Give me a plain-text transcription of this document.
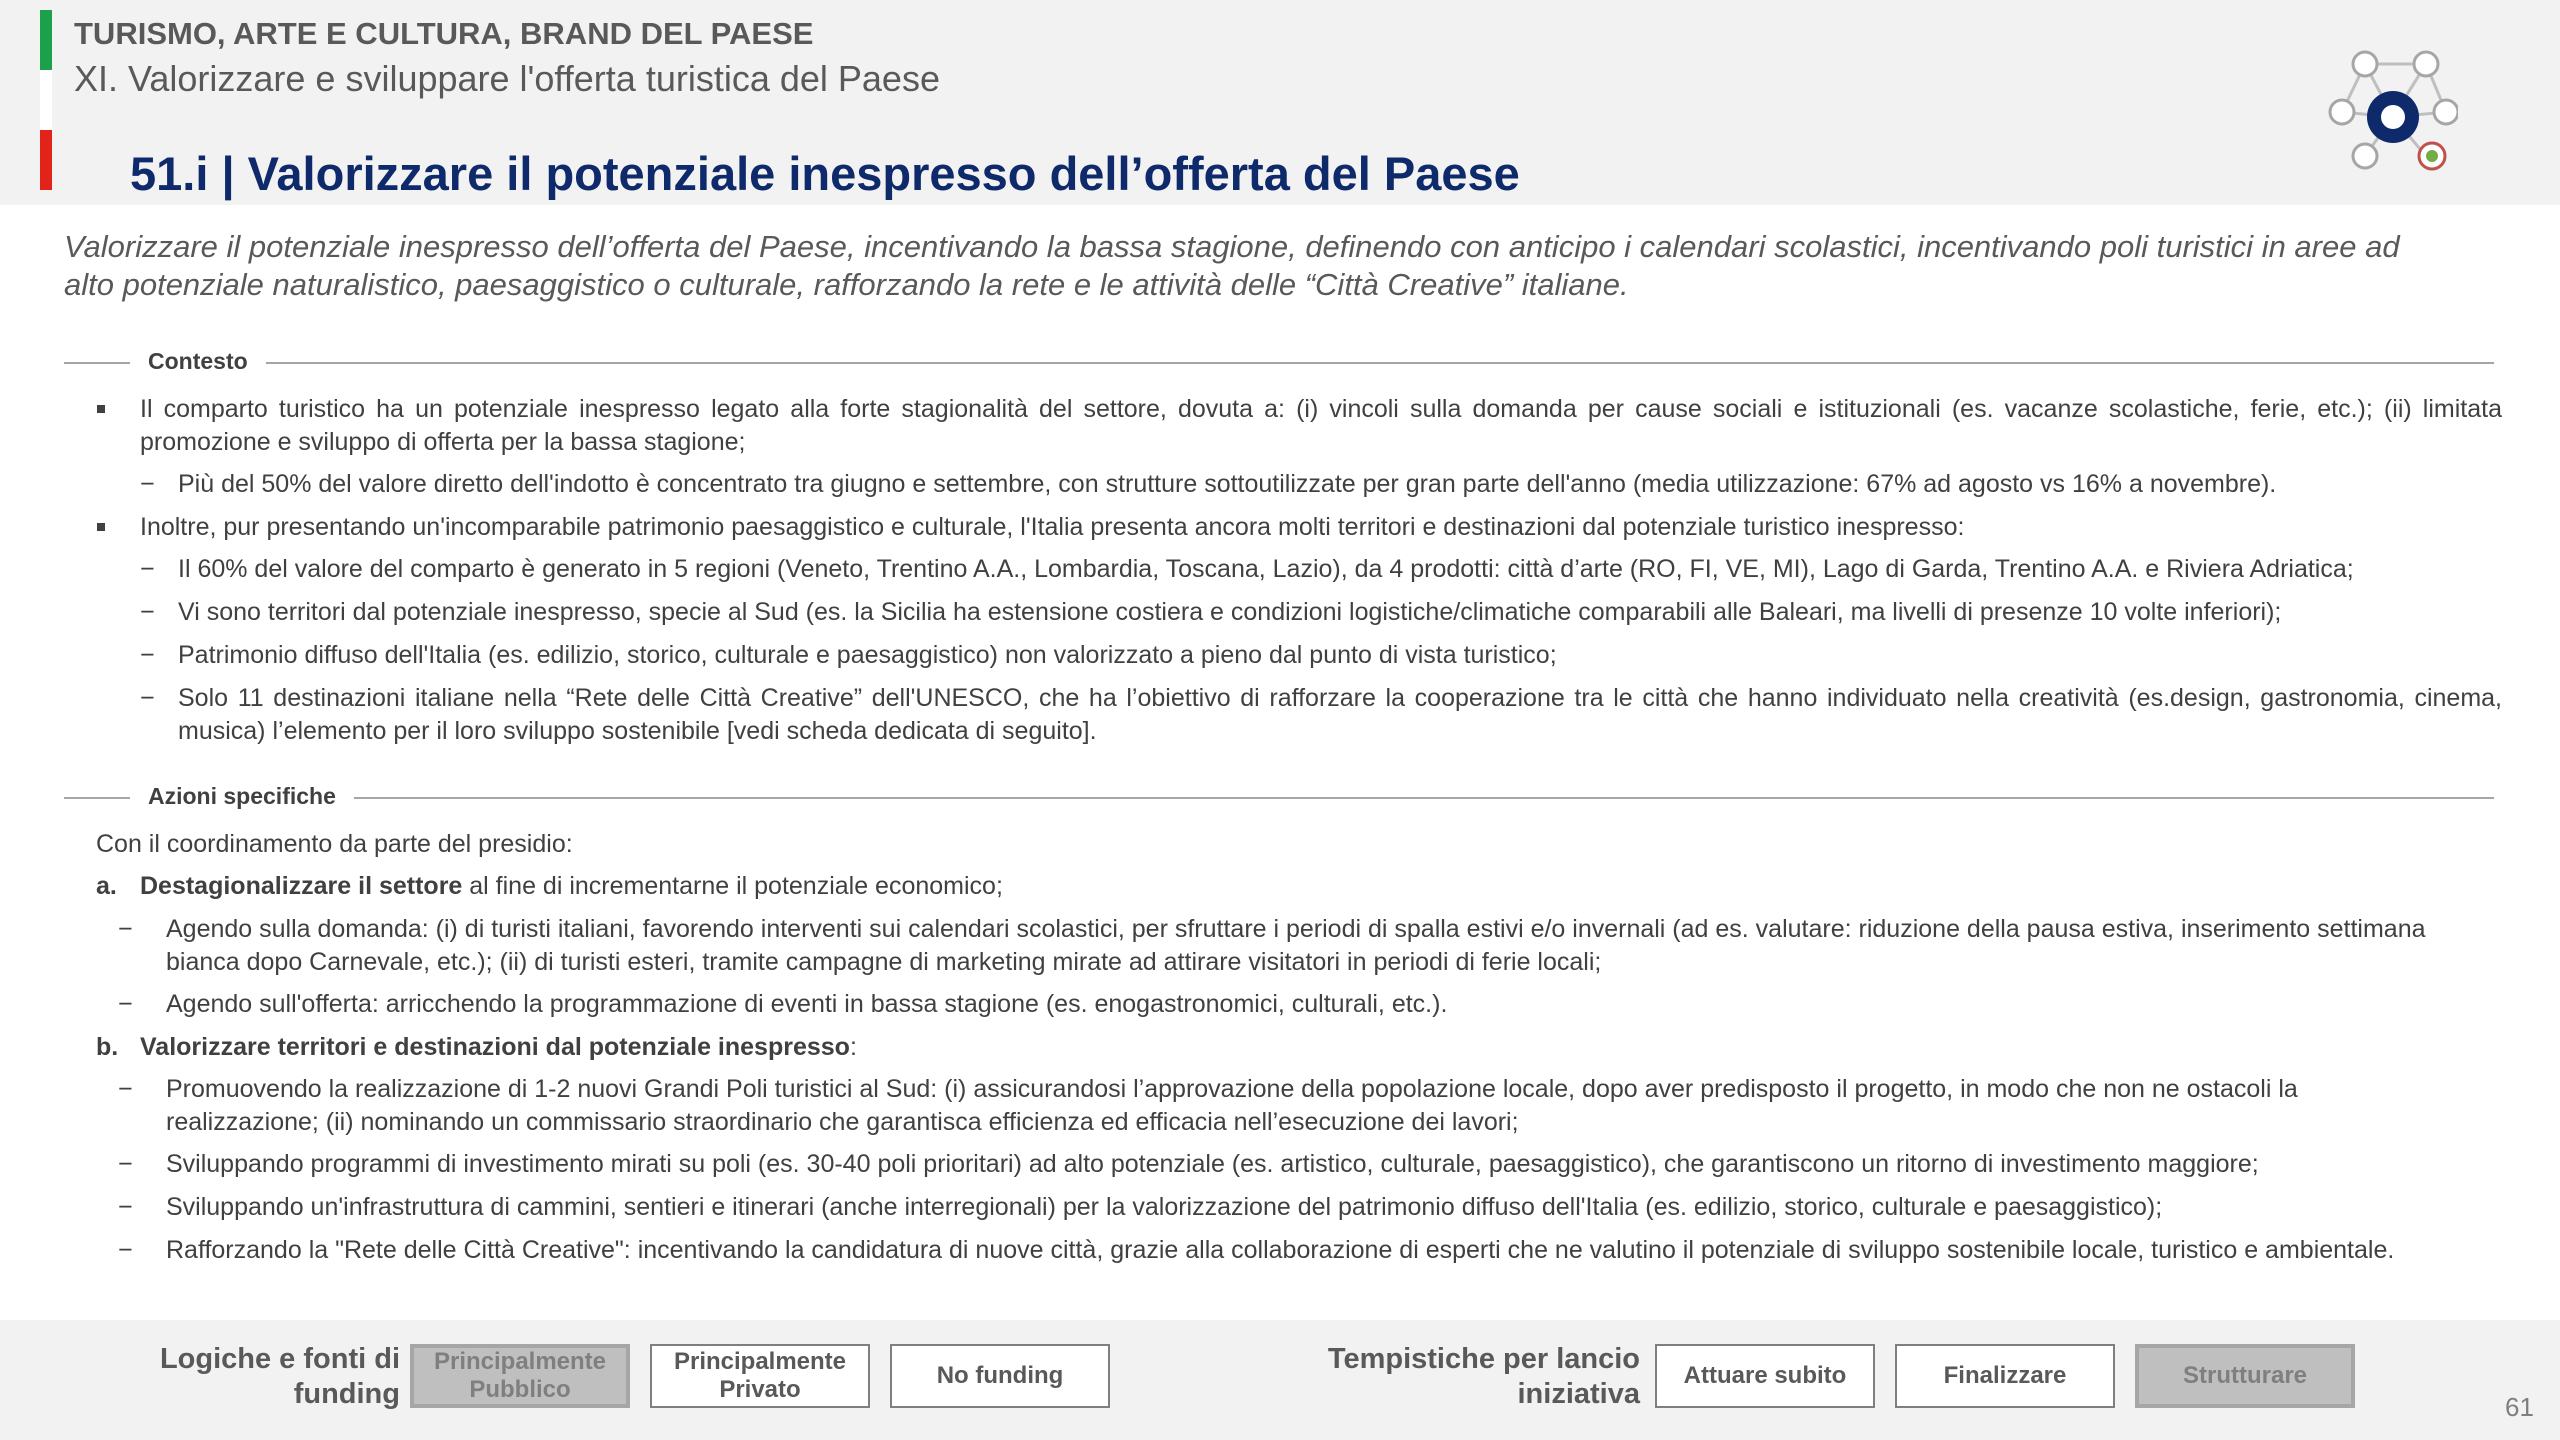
TURISMO, ARTE E CULTURA, BRAND DEL PAESE
XI. Valorizzare e sviluppare l'offerta turistica del Paese
51.i | Valorizzare il potenziale inespresso dell’offerta del Paese
Valorizzare il potenziale inespresso dell’offerta del Paese, incentivando la bassa stagione, definendo con anticipo i calendari scolastici, incentivando poli turistici in aree ad
alto potenziale naturalistico, paesaggistico o culturale, rafforzando la rete e le attività delle “Città Creative” italiane.
Contesto
Il comparto turistico ha un potenziale inespresso legato alla forte stagionalità del settore, dovuta a: (i) vincoli sulla domanda per cause sociali e istituzionali (es. vacanze scolastiche, ferie, etc.); (ii) limitata promozione e sviluppo di offerta per la bassa stagione;
− Più del 50% del valore diretto dell'indotto è concentrato tra giugno e settembre, con strutture sottoutilizzate per gran parte dell'anno (media utilizzazione: 67% ad agosto vs 16% a novembre).
Inoltre, pur presentando un'incomparabile patrimonio paesaggistico e culturale, l'Italia presenta ancora molti territori e destinazioni dal potenziale turistico inespresso:
− Il 60% del valore del comparto è generato in 5 regioni (Veneto, Trentino A.A., Lombardia, Toscana, Lazio), da 4 prodotti: città d’arte (RO, FI, VE, MI), Lago di Garda, Trentino A.A. e Riviera Adriatica;
− Vi sono territori dal potenziale inespresso, specie al Sud (es. la Sicilia ha estensione costiera e condizioni logistiche/climatiche comparabili alle Baleari, ma livelli di presenze 10 volte inferiori);
− Patrimonio diffuso dell'Italia (es. edilizio, storico, culturale e paesaggistico) non valorizzato a pieno dal punto di vista turistico;
− Solo 11 destinazioni italiane nella “Rete delle Città Creative” dell'UNESCO, che ha l’obiettivo di rafforzare la cooperazione tra le città che hanno individuato nella creatività (es.design, gastronomia, cinema, musica) l’elemento per il loro sviluppo sostenibile [vedi scheda dedicata di seguito].
Azioni specifiche
Con il coordinamento da parte del presidio:
a. Destagionalizzare il settore al fine di incrementarne il potenziale economico;
− Agendo sulla domanda: (i) di turisti italiani, favorendo interventi sui calendari scolastici, per sfruttare i periodi di spalla estivi e/o invernali (ad es. valutare: riduzione della pausa estiva, inserimento settimana bianca dopo Carnevale, etc.); (ii) di turisti esteri, tramite campagne di marketing mirate ad attirare visitatori in periodi di ferie locali;
− Agendo sull'offerta: arricchendo la programmazione di eventi in bassa stagione (es. enogastronomici, culturali, etc.).
b. Valorizzare territori e destinazioni dal potenziale inespresso:
− Promuovendo la realizzazione di 1-2 nuovi Grandi Poli turistici al Sud: (i) assicurandosi l’approvazione della popolazione locale, dopo aver predisposto il progetto, in modo che non ne ostacoli la realizzazione; (ii) nominando un commissario straordinario che garantisca efficienza ed efficacia nell’esecuzione dei lavori;
− Sviluppando programmi di investimento mirati su poli (es. 30-40 poli prioritari) ad alto potenziale (es. artistico, culturale, paesaggistico), che garantiscono un ritorno di investimento maggiore;
− Sviluppando un'infrastruttura di cammini, sentieri e itinerari (anche interregionali) per la valorizzazione del patrimonio diffuso dell'Italia (es. edilizio, storico, culturale e paesaggistico);
− Rafforzando la "Rete delle Città Creative": incentivando la candidatura di nuove città, grazie alla collaborazione di esperti che ne valutino il potenziale di sviluppo sostenibile locale, turistico e ambientale.
Logiche e fonti di
funding
Principalmente Pubblico
Principalmente Privato
No funding
Tempistiche per lancio
iniziativa
Attuare subito	Finalizzare	Strutturare
61
